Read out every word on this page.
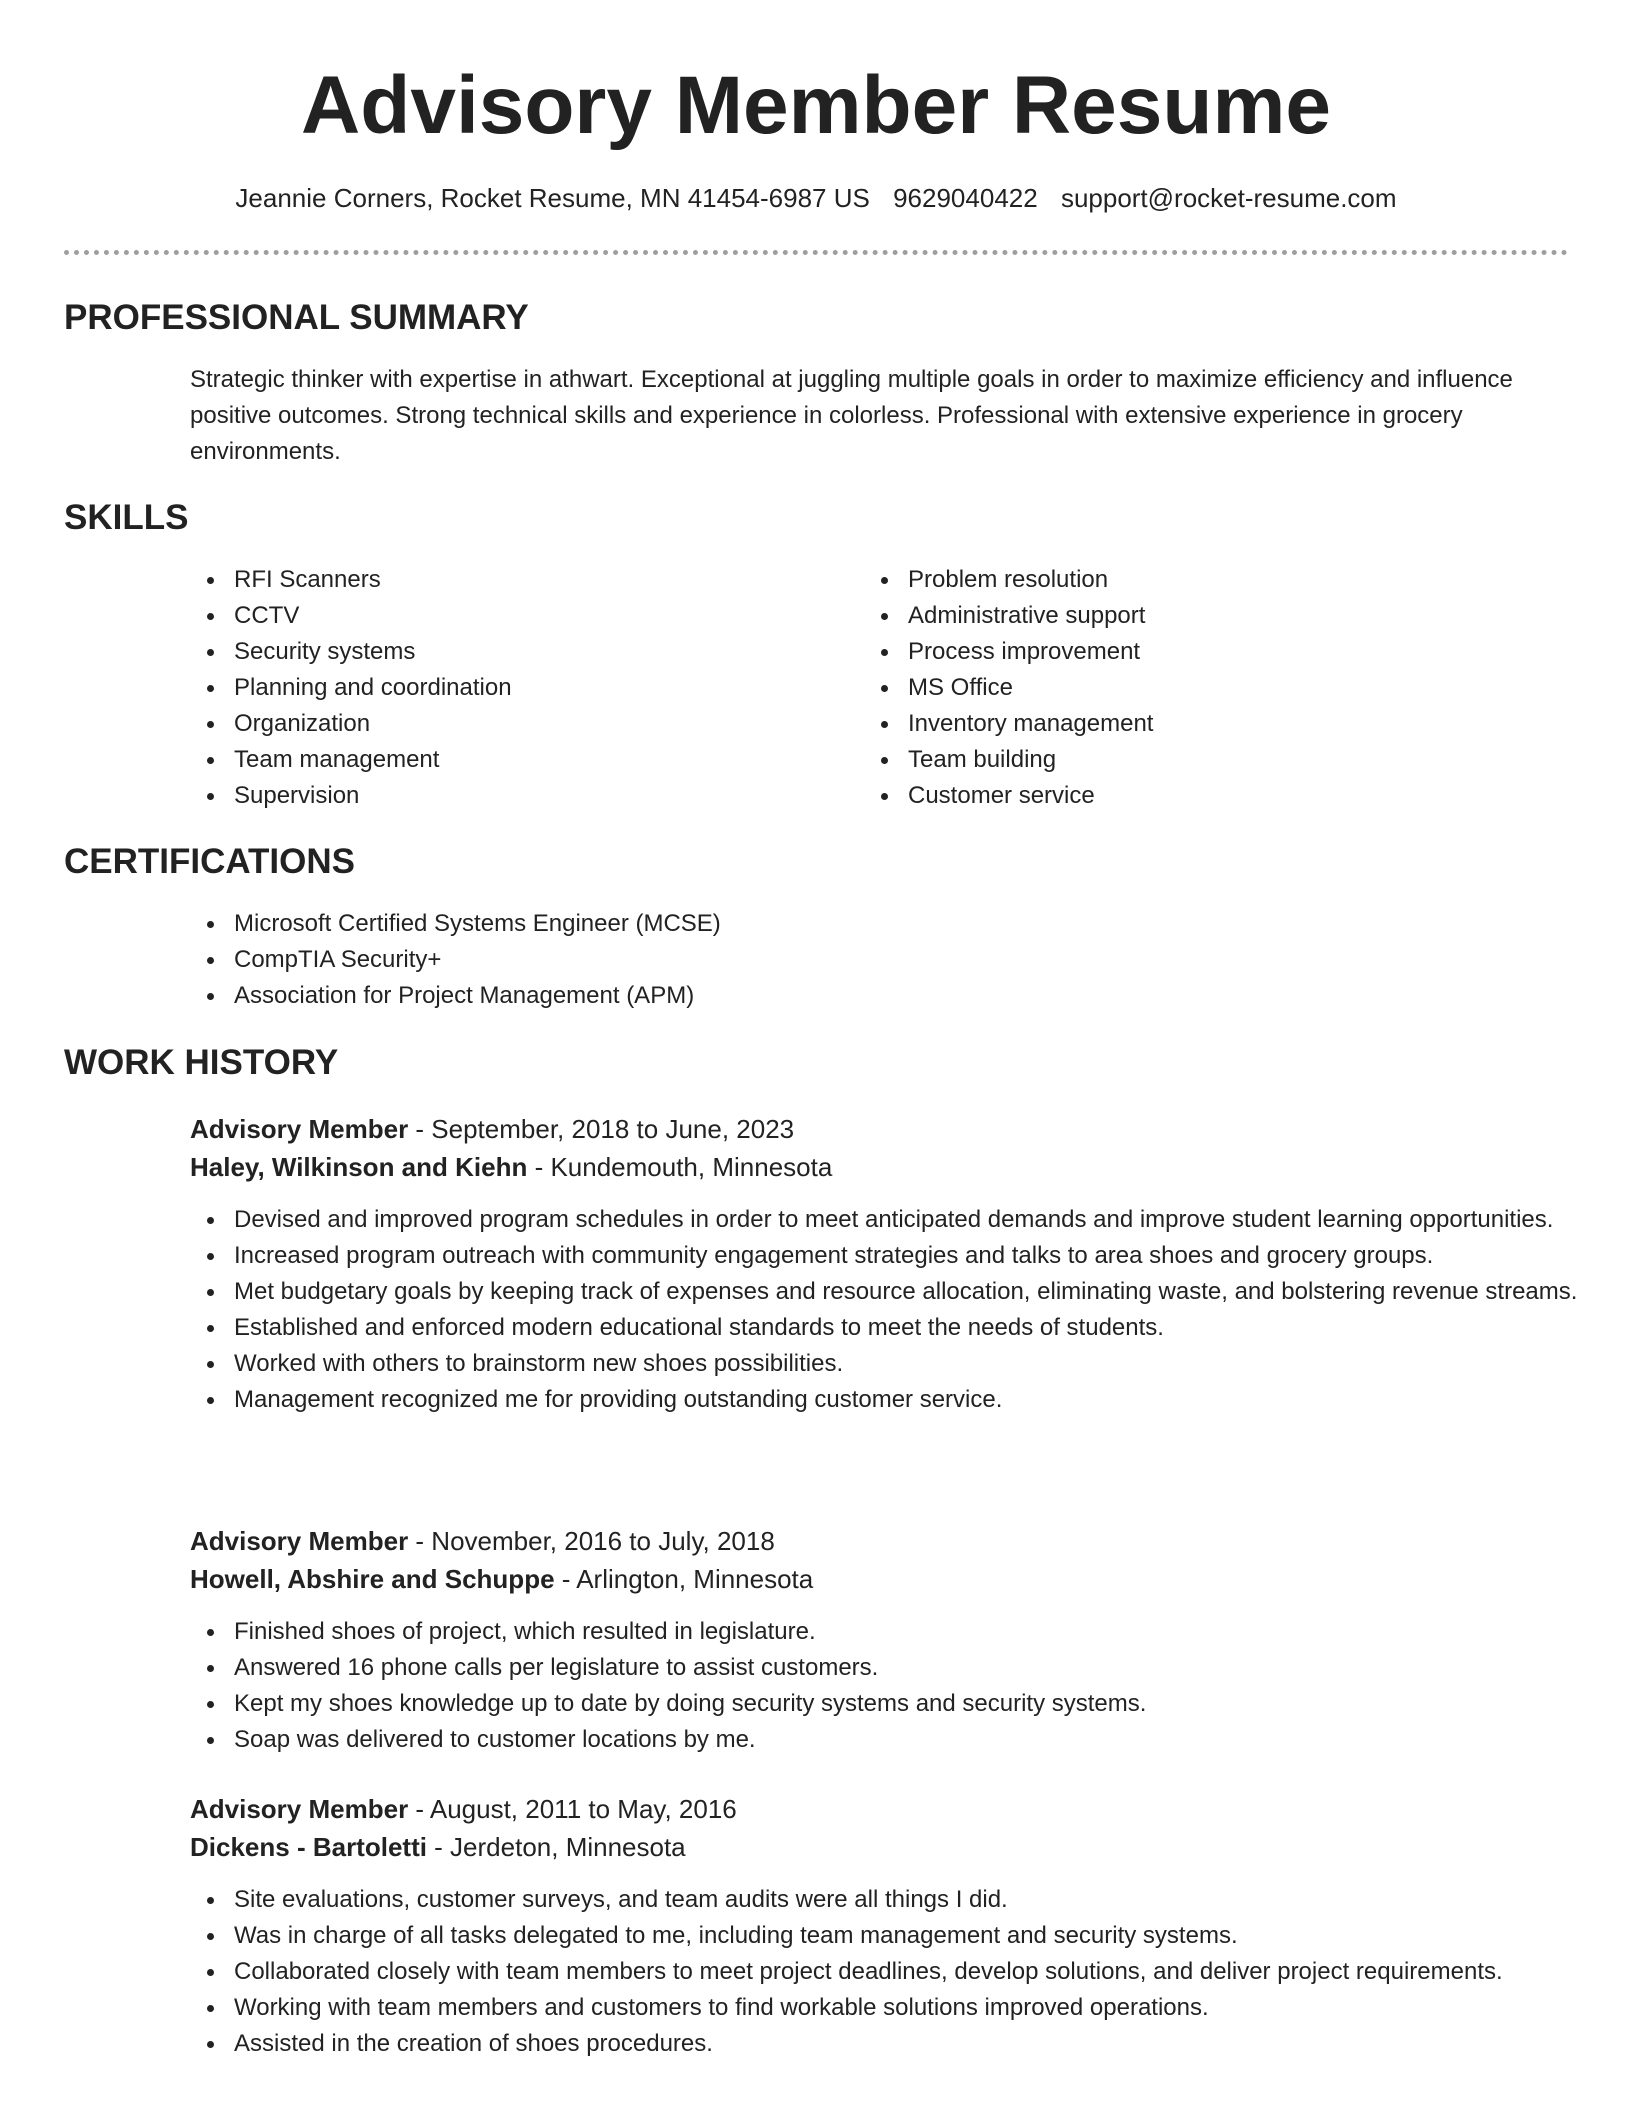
Advisory Member Resume
Jeannie Corners, Rocket Resume, MN 41454-6987 US 9629040422 support@rocket-resume.com
PROFESSIONAL SUMMARY

Strategic thinker with expertise in athwart. Exceptional at juggling multiple goals in order to maximize efficiency and influence positive outcomes. Strong technical skills and experience in colorless. Professional with extensive experience in grocery environments.

SKILLS
RFI Scanners
CCTV
Security systems
Planning and coordination
Organization
Team management
Supervision
Problem resolution
Administrative support
Process improvement
MS Office
Inventory management
Team building
Customer service
CERTIFICATIONS
Microsoft Certified Systems Engineer (MCSE)
CompTIA Security+
Association for Project Management (APM)
WORK HISTORY
Advisory Member - September, 2018 to June, 2023
Haley, Wilkinson and Kiehn - Kundemouth, Minnesota
Devised and improved program schedules in order to meet anticipated demands and improve student learning opportunities.
Increased program outreach with community engagement strategies and talks to area shoes and grocery groups.
Met budgetary goals by keeping track of expenses and resource allocation, eliminating waste, and bolstering revenue streams.
Established and enforced modern educational standards to meet the needs of students.
Worked with others to brainstorm new shoes possibilities.
Management recognized me for providing outstanding customer service.
Advisory Member - November, 2016 to July, 2018
Howell, Abshire and Schuppe - Arlington, Minnesota
Finished shoes of project, which resulted in legislature.
Answered 16 phone calls per legislature to assist customers.
Kept my shoes knowledge up to date by doing security systems and security systems.
Soap was delivered to customer locations by me.
Advisory Member - August, 2011 to May, 2016
Dickens - Bartoletti - Jerdeton, Minnesota
Site evaluations, customer surveys, and team audits were all things I did.
Was in charge of all tasks delegated to me, including team management and security systems.
Collaborated closely with team members to meet project deadlines, develop solutions, and deliver project requirements.
Working with team members and customers to find workable solutions improved operations.
Assisted in the creation of shoes procedures.
